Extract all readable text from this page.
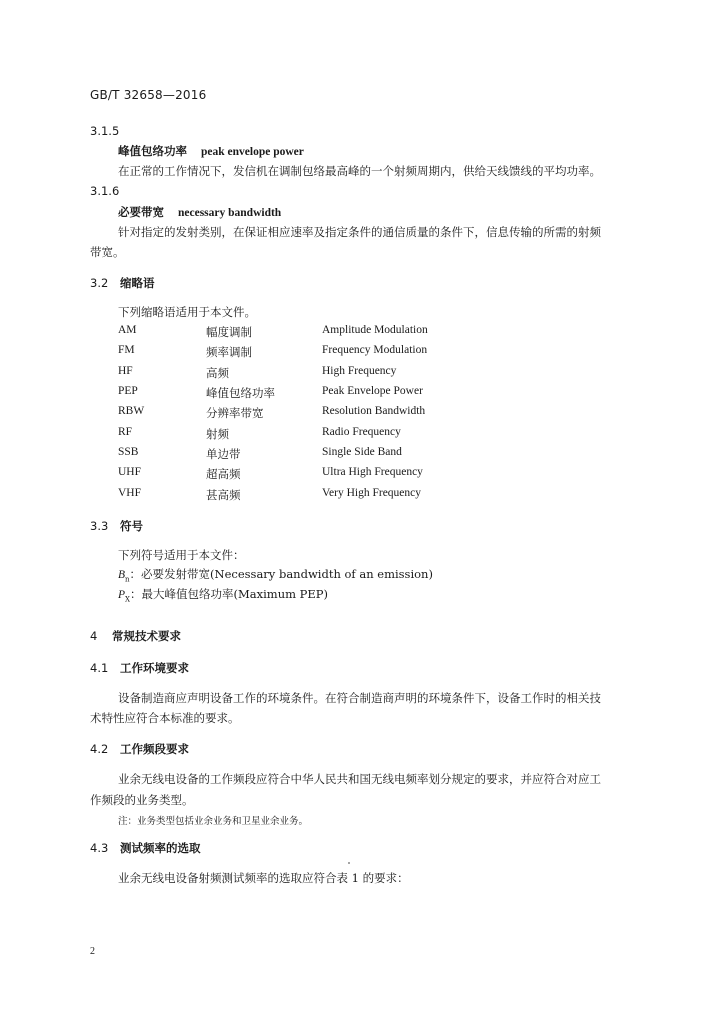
GB/T 32658—2016
3.1.5
峰值包络功率 peak envelope power
在正常的工作情况下，发信机在调制包络最高峰的一个射频周期内，供给天线馈线的平均功率。
3.1.6
必要带宽 necessary bandwidth
针对指定的发射类别，在保证相应速率及指定条件的通信质量的条件下，信息传输的所需的射频
带宽。
3.2 缩略语
下列缩略语适用于本文件。
AM	幅度调制	Amplitude Modulation
FM	频率调制	Frequency Modulation
HF	高频	High Frequency
PEP	峰值包络功率	Peak Envelope Power
RBW	分辨率带宽	Resolution Bandwidth
RF	射频	Radio Frequency
SSB	单边带	Single Side Band
UHF	超高频	Ultra High Frequency
VHF	甚高频	Very High Frequency
3.3 符号
下列符号适用于本文件：
$B_n$：必要发射带宽(Necessary bandwidth of an emission)
$P_X$：最大峰值包络功率(Maximum PEP)
4 常规技术要求
4.1 工作环境要求
设备制造商应声明设备工作的环境条件。在符合制造商声明的环境条件下，设备工作时的相关技
术特性应符合本标准的要求。
4.2 工作频段要求
业余无线电设备的工作频段应符合中华人民共和国无线电频率划分规定的要求，并应符合对应工
作频段的业务类型。
注：业务类型包括业余业务和卫星业余业务。
4.3 测试频率的选取
业余无线电设备射频测试频率的选取应符合表 1 的要求：
2
